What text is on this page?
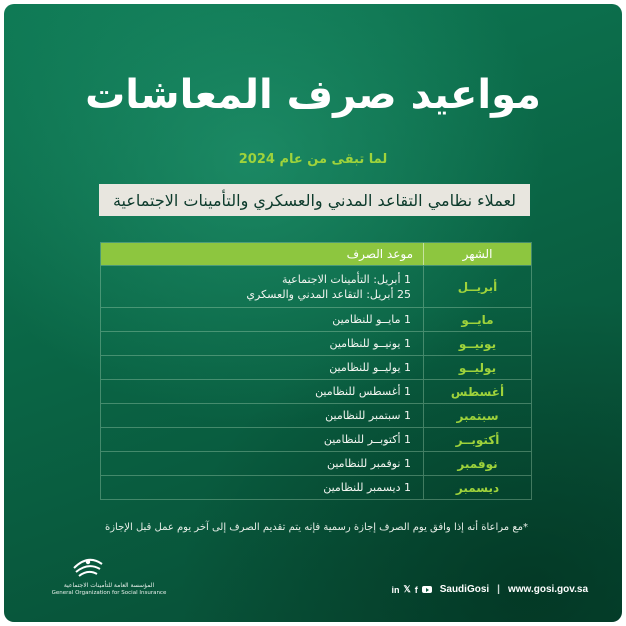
مواعيد صرف المعاشات
لما تبقى من عام 2024
لعملاء نظامي التقاعد المدني والعسكري والتأمينات الاجتماعية
الشهر
موعد الصرف
أبريــل
1 أبريل: التأمينات الاجتماعية
25 أبريل: التقاعد المدني والعسكري
مايــو
1 مايــو للنظامين
يونيــو
1 يونيــو للنظامين
يوليــو
1 يوليــو للنظامين
أغسطس
1 أغسطس للنظامين
سبتمبر
1 سبتمبر للنظامين
أكتوبــر
1 أكتوبــر للنظامين
نوفمبر
1 نوفمبر للنظامين
ديسمبر
1 ديسمبر للنظامين
*مع مراعاة أنه إذا وافق يوم الصرف إجازة رسمية فإنه يتم تقديم الصرف إلى آخر يوم عمل قبل الإجازة
المؤسسة العامة للتأمينات الاجتماعية
General Organization for Social Insurance	in 𝕏 f SaudiGosi | www.gosi.gov.sa
